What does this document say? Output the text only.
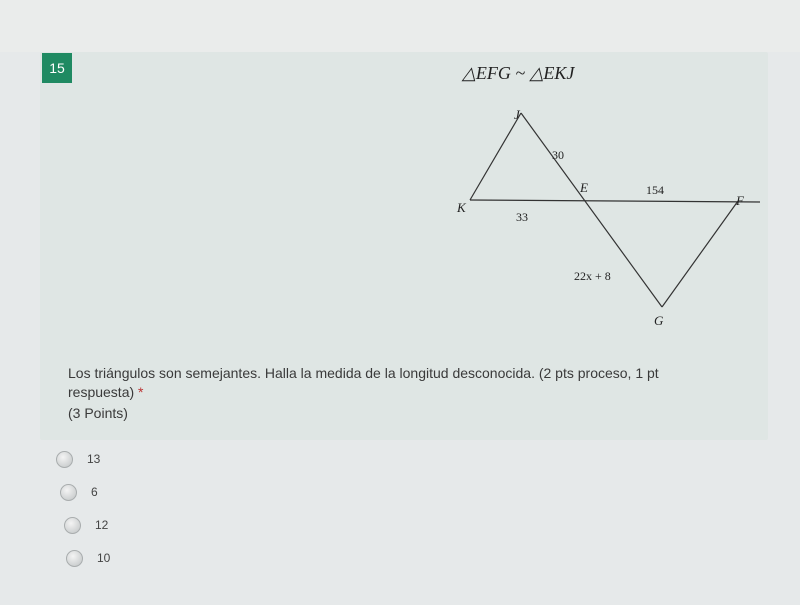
15	△EFG ~ △EKJ
J
K
E
F
G
30
33
154
22x + 8
Los triángulos son semejantes. Halla la medida de la longitud desconocida. (2 pts proceso, 1 pt respuesta) *
(3 Points)
13
6
12
10
